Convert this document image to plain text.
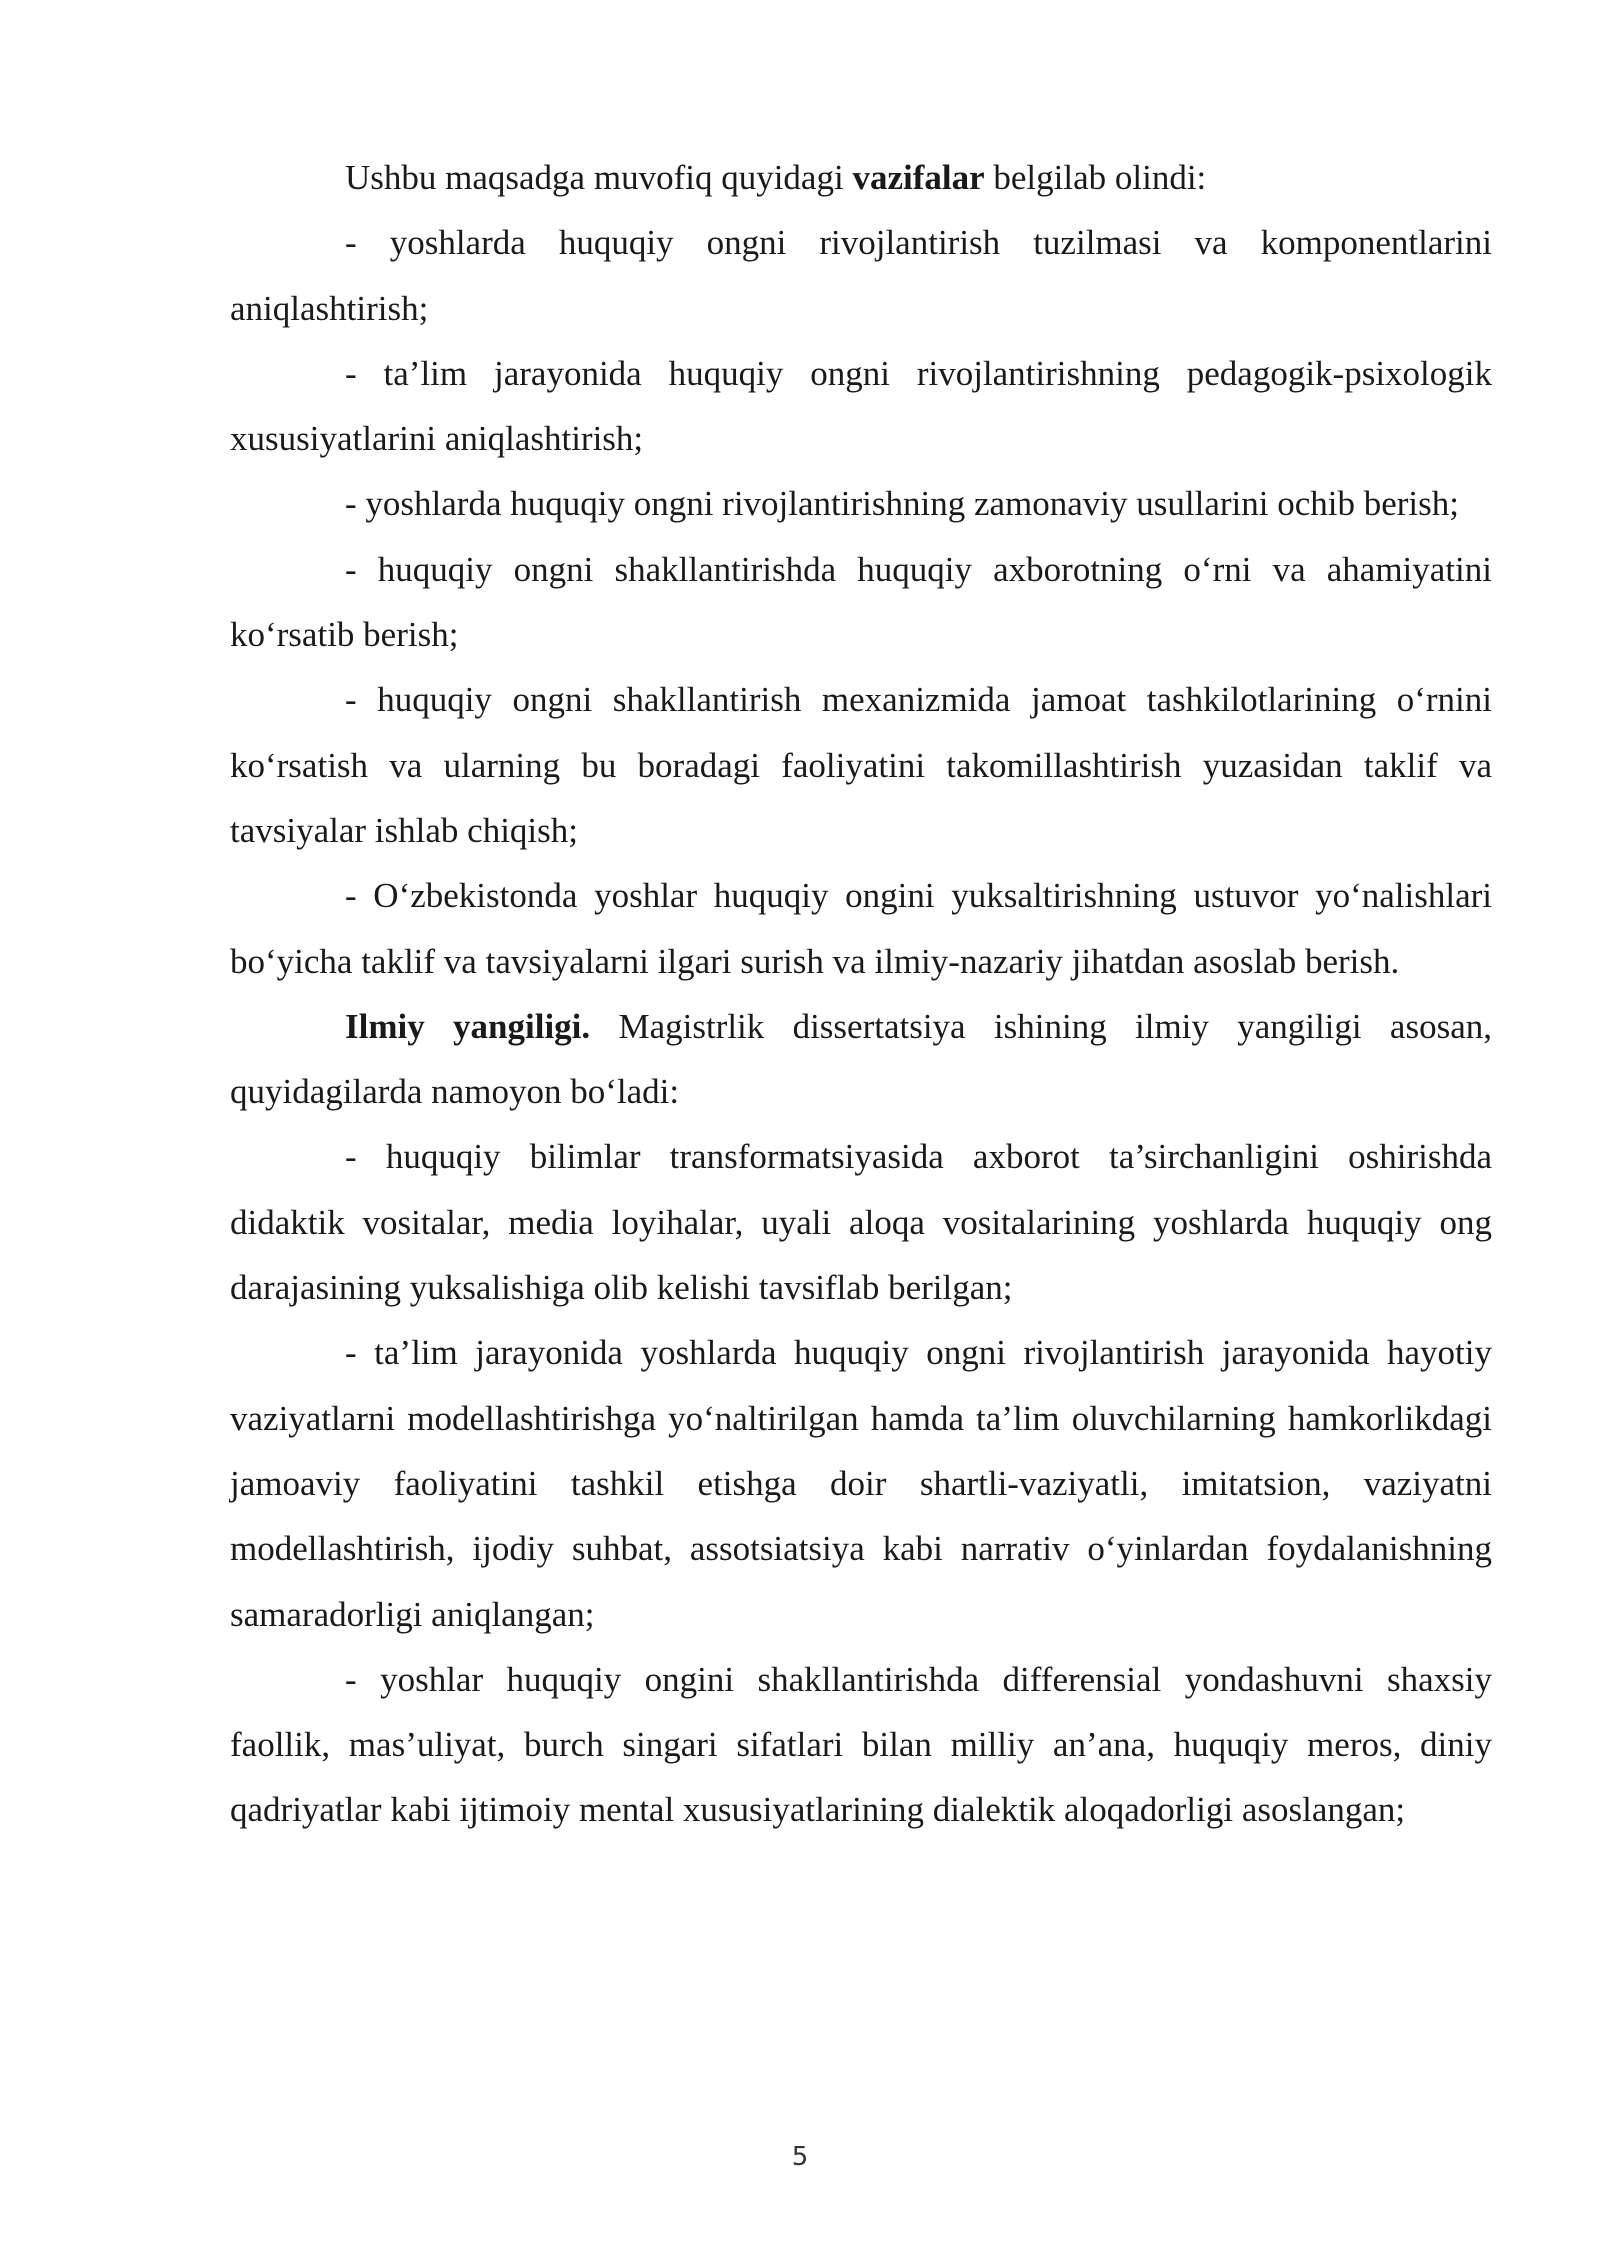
Ushbu maqsadga muvofiq quyidagi vazifalar belgilab olindi:

- yoshlarda huquqiy ongni rivojlantirish tuzilmasi va komponentlarini aniqlashtirish;

- ta’lim jarayonida huquqiy ongni rivojlantirishning pedagogik-psixologik xususiyatlarini aniqlashtirish;

- yoshlarda huquqiy ongni rivojlantirishning zamonaviy usullarini ochib berish;

- huquqiy ongni shakllantirishda huquqiy axborotning o‘rni va ahamiyatini ko‘rsatib berish;

- huquqiy ongni shakllantirish mexanizmida jamoat tashkilotlarining o‘rnini ko‘rsatish va ularning bu boradagi faoliyatini takomillashtirish yuzasidan taklif va tavsiyalar ishlab chiqish;

- O‘zbekistonda yoshlar huquqiy ongini yuksaltirishning ustuvor yo‘nalishlari bo‘yicha taklif va tavsiyalarni ilgari surish va ilmiy-nazariy jihatdan asoslab berish.

Ilmiy yangiligi. Magistrlik dissertatsiya ishining ilmiy yangiligi asosan, quyidagilarda namoyon bo‘ladi:

- huquqiy bilimlar transformatsiyasida axborot ta’sirchanligini oshirishda didaktik vositalar, media loyihalar, uyali aloqa vositalarining yoshlarda huquqiy ong darajasining yuksalishiga olib kelishi tavsiflab berilgan;

- ta’lim jarayonida yoshlarda huquqiy ongni rivojlantirish jarayonida hayotiy vaziyatlarni modellashtirishga yo‘naltirilgan hamda ta’lim oluvchilarning hamkorlikdagi jamoaviy faoliyatini tashkil etishga doir shartli-vaziyatli, imitatsion, vaziyatni modellashtirish, ijodiy suhbat, assotsiatsiya kabi narrativ o‘yinlardan foydalanishning samaradorligi aniqlangan;

- yoshlar huquqiy ongini shakllantirishda differensial yondashuvni shaxsiy faollik, mas’uliyat, burch singari sifatlari bilan milliy an’ana, huquqiy meros, diniy qadriyatlar kabi ijtimoiy mental xususiyatlarining dialektik aloqadorligi asoslangan;

5
